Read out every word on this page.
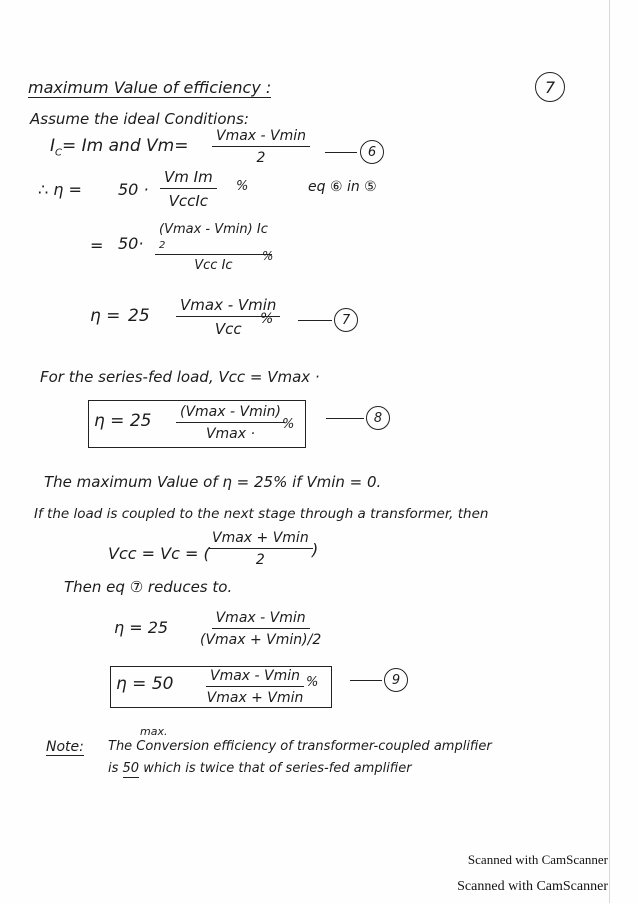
maximum Value of efficiency :	7
Assume the ideal Conditions:
$I_C= Im$ and Vm= Vmax - Vmin
2	6
∴ η = 50 ·
Vm Im
VccIc
%	eq ⑥ in ⑤
= 50·
(Vmax - Vmin) Ic
2
Vcc Ic
%
η = 25
Vmax - Vmin
Vcc
%	7
For the series-fed load, Vcc = Vmax ·
η = 25 (Vmax - Vmin)
Vmax ·
%	8
The maximum Value of η = 25% if Vmin = 0.
If the load is coupled to the next stage through a transformer, then
Vcc = Vc = (
Vmax + Vmin
2
)
Then eq ⑦ reduces to.
η = 25	Vmax - Vmin
(Vmax + Vmin)/2
η = 50	Vmax - Vmin
Vmax + Vmin
%	9
Note:
max.
The Conversion efficiency of transformer-coupled amplifier
is 50 which is twice that of series-fed amplifier
Scanned with CamScanner
Scanned with CamScanner
